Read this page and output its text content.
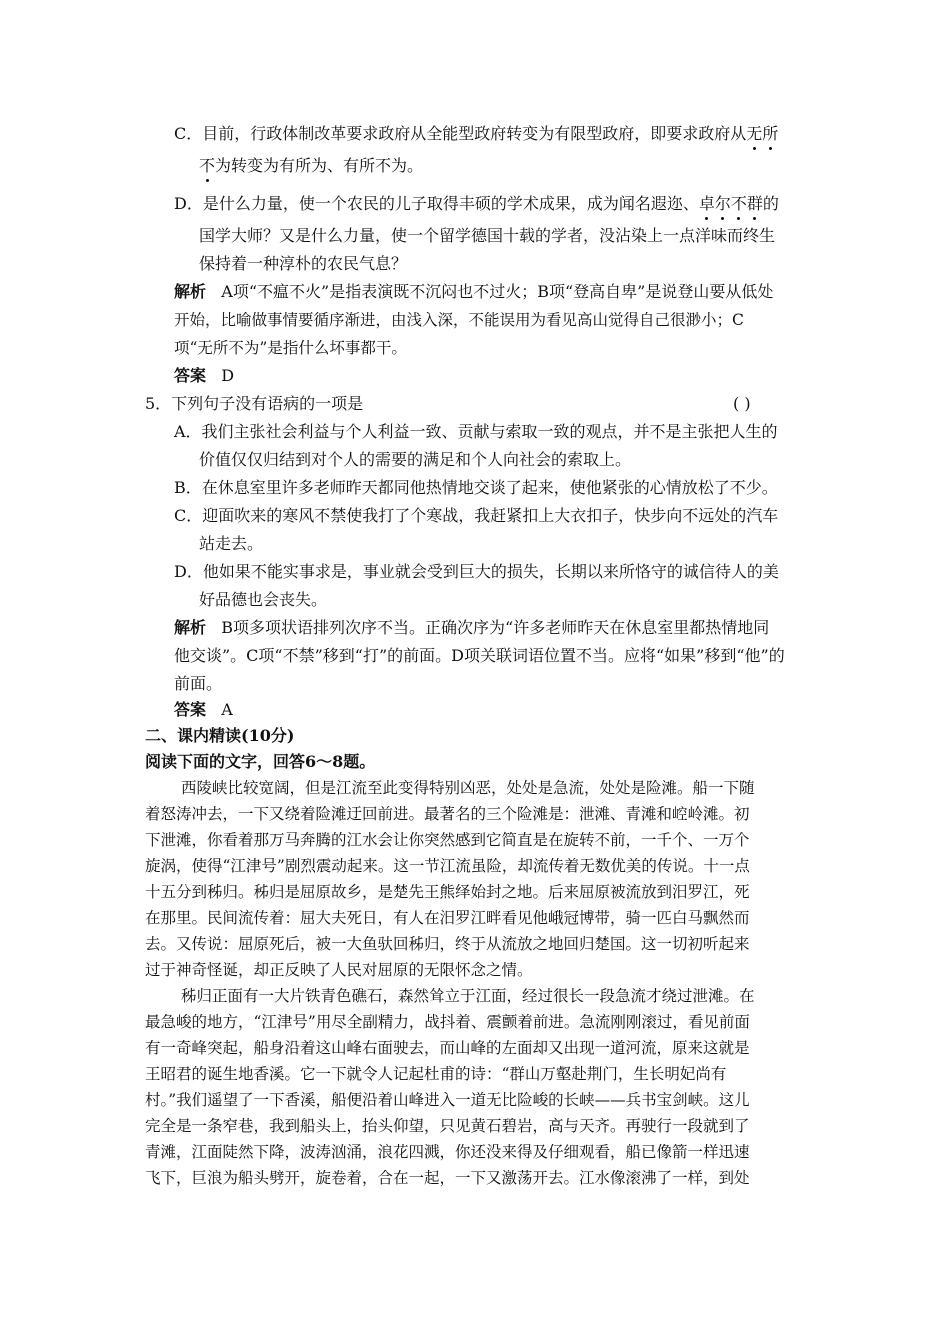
C．目前，行政体制改革要求政府从全能型政府转变为有限型政府，即要求政府从无所
不为转变为有所为、有所不为。
D．是什么力量，使一个农民的儿子取得丰硕的学术成果，成为闻名遐迩、卓尔不群的
国学大师？又是什么力量，使一个留学德国十载的学者，没沾染上一点洋味而终生
保持着一种淳朴的农民气息？
解析 A项“不瘟不火”是指表演既不沉闷也不过火；B项“登高自卑”是说登山要从低处
开始，比喻做事情要循序渐进，由浅入深，不能误用为看见高山觉得自己很渺小；C
项“无所不为”是指什么坏事都干。
答案 D
5．下列句子没有语病的一项是	( )
A．我们主张社会利益与个人利益一致、贡献与索取一致的观点，并不是主张把人生的
价值仅仅归结到对个人的需要的满足和个人向社会的索取上。
B．在休息室里许多老师昨天都同他热情地交谈了起来，使他紧张的心情放松了不少。
C．迎面吹来的寒风不禁使我打了个寒战，我赶紧扣上大衣扣子，快步向不远处的汽车
站走去。
D．他如果不能实事求是，事业就会受到巨大的损失，长期以来所恪守的诚信待人的美
好品德也会丧失。
解析 B项多项状语排列次序不当。正确次序为“许多老师昨天在休息室里都热情地同
他交谈”。C项“不禁”移到“打”的前面。D项关联词语位置不当。应将“如果”移到“他”的
前面。
答案 A
二、课内精读(10分)
阅读下面的文字，回答6～8题。
西陵峡比较宽阔，但是江流至此变得特别凶恶，处处是急流，处处是险滩。船一下随
着怒涛冲去，一下又绕着险滩迂回前进。最著名的三个险滩是：泄滩、青滩和崆岭滩。初
下泄滩，你看着那万马奔腾的江水会让你突然感到它简直是在旋转不前，一千个、一万个
旋涡，使得“江津号”剧烈震动起来。这一节江流虽险，却流传着无数优美的传说。十一点
十五分到秭归。秭归是屈原故乡，是楚先王熊绎始封之地。后来屈原被流放到汨罗江，死
在那里。民间流传着：屈大夫死日，有人在汨罗江畔看见他峨冠博带，骑一匹白马飘然而
去。又传说：屈原死后，被一大鱼驮回秭归，终于从流放之地回归楚国。这一切初听起来
过于神奇怪诞，却正反映了人民对屈原的无限怀念之情。
秭归正面有一大片铁青色礁石，森然耸立于江面，经过很长一段急流才绕过泄滩。在
最急峻的地方，“江津号”用尽全副精力，战抖着、震颤着前进。急流刚刚滚过，看见前面
有一奇峰突起，船身沿着这山峰右面驶去，而山峰的左面却又出现一道河流，原来这就是
王昭君的诞生地香溪。它一下就令人记起杜甫的诗：“群山万壑赴荆门，生长明妃尚有
村。”我们遥望了一下香溪，船便沿着山峰进入一道无比险峻的长峡——兵书宝剑峡。这儿
完全是一条窄巷，我到船头上，抬头仰望，只见黄石碧岩，高与天齐。再驶行一段就到了
青滩，江面陡然下降，波涛汹涌，浪花四溅，你还没来得及仔细观看，船已像箭一样迅速
飞下，巨浪为船头劈开，旋卷着，合在一起，一下又激荡开去。江水像滚沸了一样，到处
